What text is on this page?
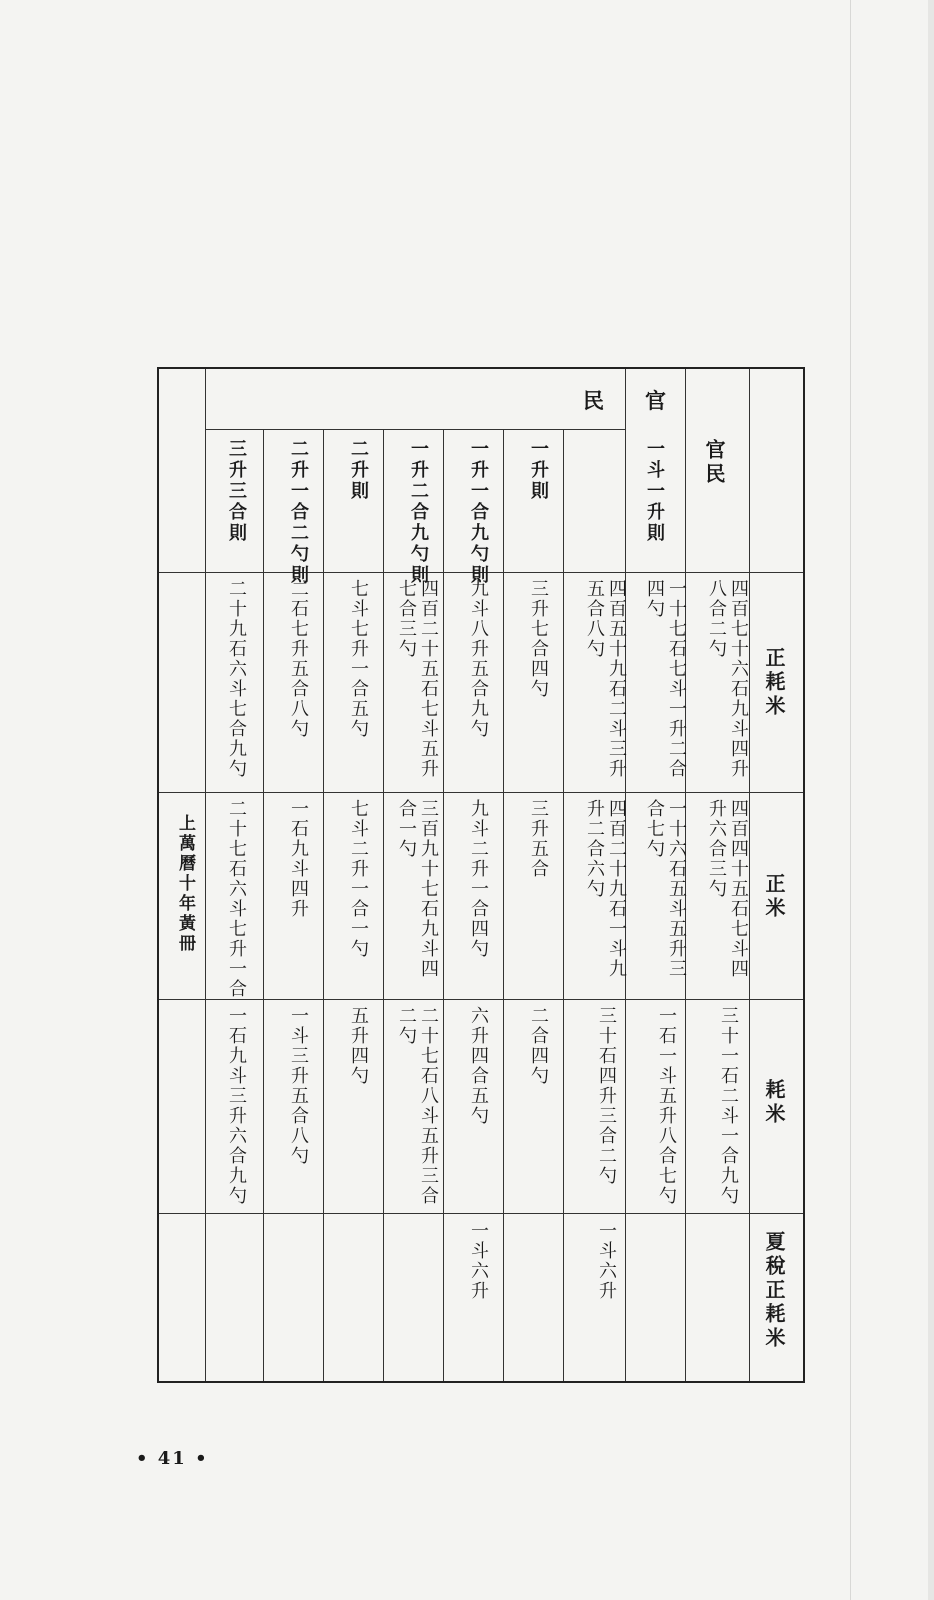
正耗米
正米
耗米
夏稅正耗米
官民
官
民
四百七十六石九斗四升八合二勺
四百四十五石七斗四升六合三勺
三十一石二斗一合九勺
一斗一升則
一十七石七斗一升二合四勺
一十六石五斗五升三合七勺
一石一斗五升八合七勺
四百五十九石二斗三升五合八勺
四百二十九石一斗九升二合六勺
三十石四升三合二勺
一斗六升
一升則
三升七合四勺
三升五合
二合四勺
一升一合九勺則
九斗八升五合九勺
九斗二升一合四勺
六升四合五勺
一斗六升
一升二合九勺則
四百二十五石七斗五升七合三勺
三百九十七石九斗四合一勺
二十七石八斗五升三合二勺
二升則
七斗七升一合五勺
七斗二升一合一勺
五升四勺
二升一合二勺則
二石七升五合八勺
一石九斗四升
一斗三升五合八勺
三升三合則
二十九石六斗七合九勺
二十七石六斗七升一合
一石九斗三升六合九勺
上萬曆十年黃冊
• 41 •
